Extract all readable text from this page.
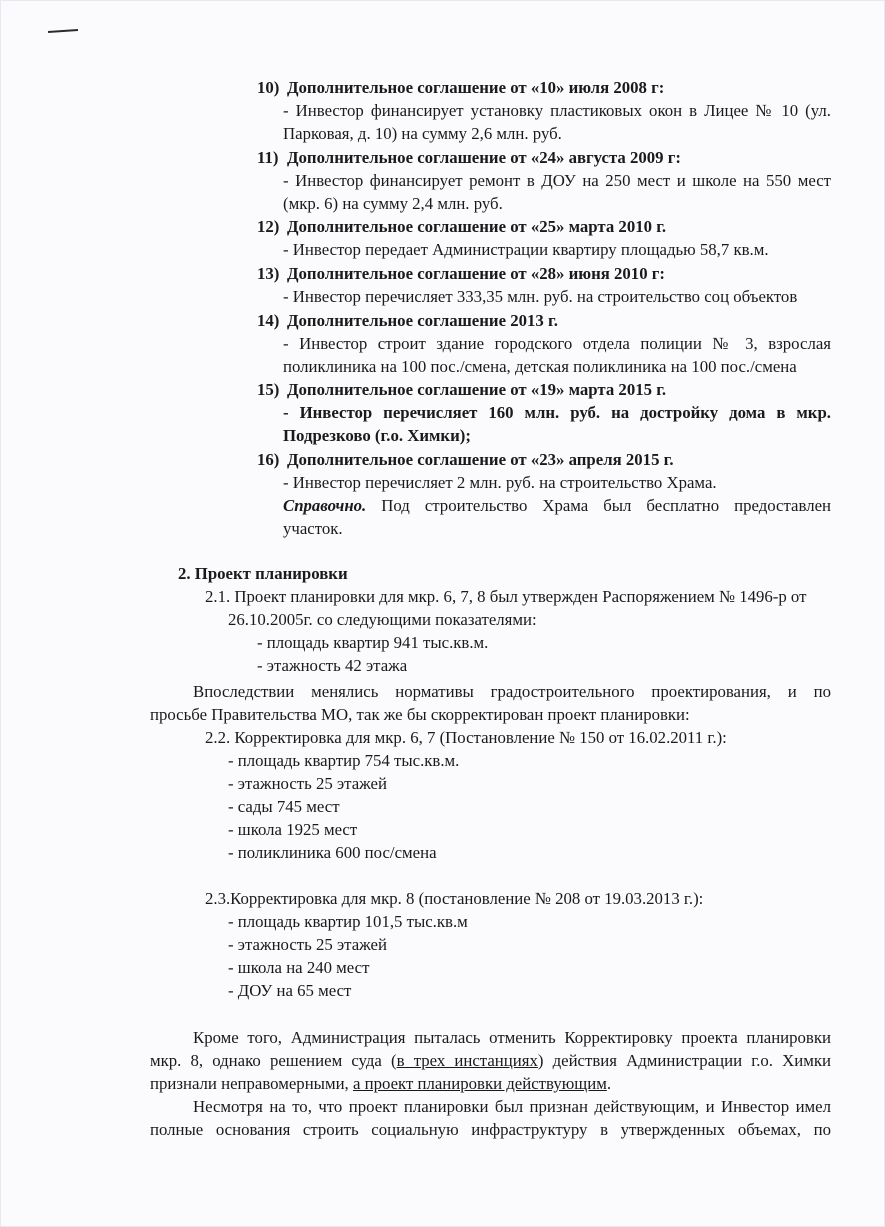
10) Дополнительное соглашение от «10» июля 2008 г:
- Инвестор финансирует установку пластиковых окон в Лицее № 10 (ул.
Парковая, д. 10) на сумму 2,6 млн. руб.
11) Дополнительное соглашение от «24» августа 2009 г:
- Инвестор финансирует ремонт в ДОУ на 250 мест и школе на 550 мест
(мкр. 6) на сумму 2,4 млн. руб.
12) Дополнительное соглашение от «25» марта 2010 г.
- Инвестор передает Администрации квартиру площадью 58,7 кв.м.
13) Дополнительное соглашение от «28» июня 2010 г:
- Инвестор перечисляет 333,35 млн. руб. на строительство соц объектов
14) Дополнительное соглашение 2013 г.
- Инвестор строит здание городского отдела полиции № 3, взрослая
поликлиника на 100 пос./смена, детская поликлиника на 100 пос./смена
15) Дополнительное соглашение от «19» марта 2015 г.
- Инвестор перечисляет 160 млн. руб. на достройку дома в мкр.
Подрезково (г.о. Химки);
16) Дополнительное соглашение от «23» апреля 2015 г.
- Инвестор перечисляет 2 млн. руб. на строительство Храма.
Справочно. Под строительство Храма был бесплатно предоставлен
участок.
2. Проект планировки
2.1. Проект планировки для мкр. 6, 7, 8 был утвержден Распоряжением № 1496-р от
26.10.2005г. со следующими показателями:
- площадь квартир 941 тыс.кв.м.
- этажность 42 этажа
Впоследствии менялись нормативы градостроительного проектирования, и по
просьбе Правительства МО, так же бы скорректирован проект планировки:
2.2. Корректировка для мкр. 6, 7 (Постановление № 150 от 16.02.2011 г.):
- площадь квартир 754 тыс.кв.м.
- этажность 25 этажей
- сады 745 мест
- школа 1925 мест
- поликлиника 600 пос/смена
2.3.Корректировка для мкр. 8 (постановление № 208 от 19.03.2013 г.):
- площадь квартир 101,5 тыс.кв.м
- этажность 25 этажей
- школа на 240 мест
- ДОУ на 65 мест
Кроме того, Администрация пыталась отменить Корректировку проекта планировки
мкр. 8, однако решением суда (в трех инстанциях) действия Администрации г.о. Химки
признали неправомерными, а проект планировки действующим.
Несмотря на то, что проект планировки был признан действующим, и Инвестор имел
полные основания строить социальную инфраструктуру в утвержденных объемах, по
